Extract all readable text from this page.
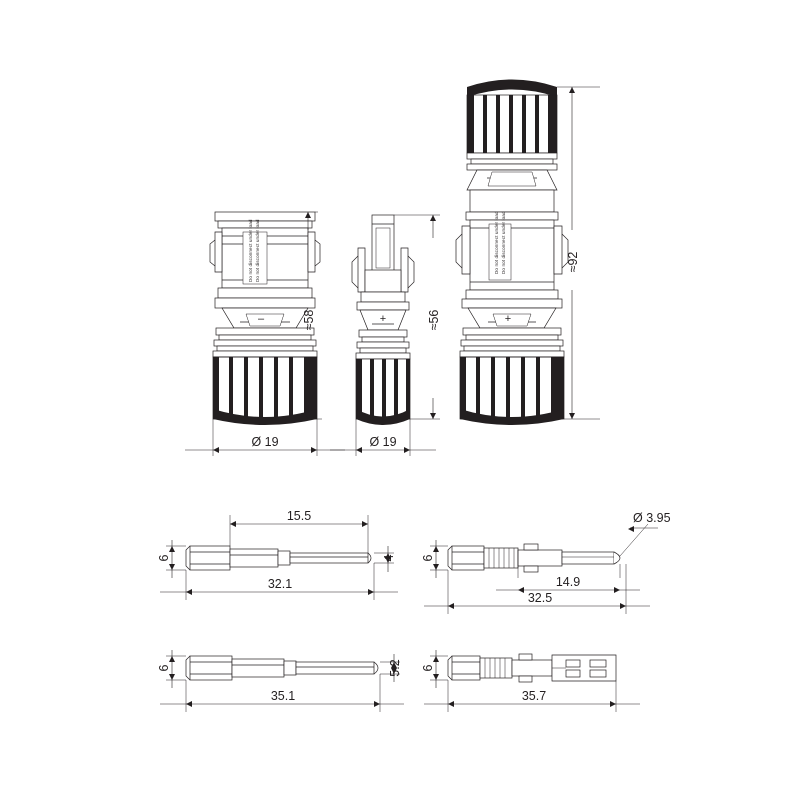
Do not disconnect under load Do not disconnect under load
–	≈58
Ø 19
+	≈56
Ø 19
Do not disconnect under load Do not disconnect under load
+
≈92
15.5
32.1
6	4
Ø 3.95
14.9
32.5
6
35.1
6	5.2
35.7
6
